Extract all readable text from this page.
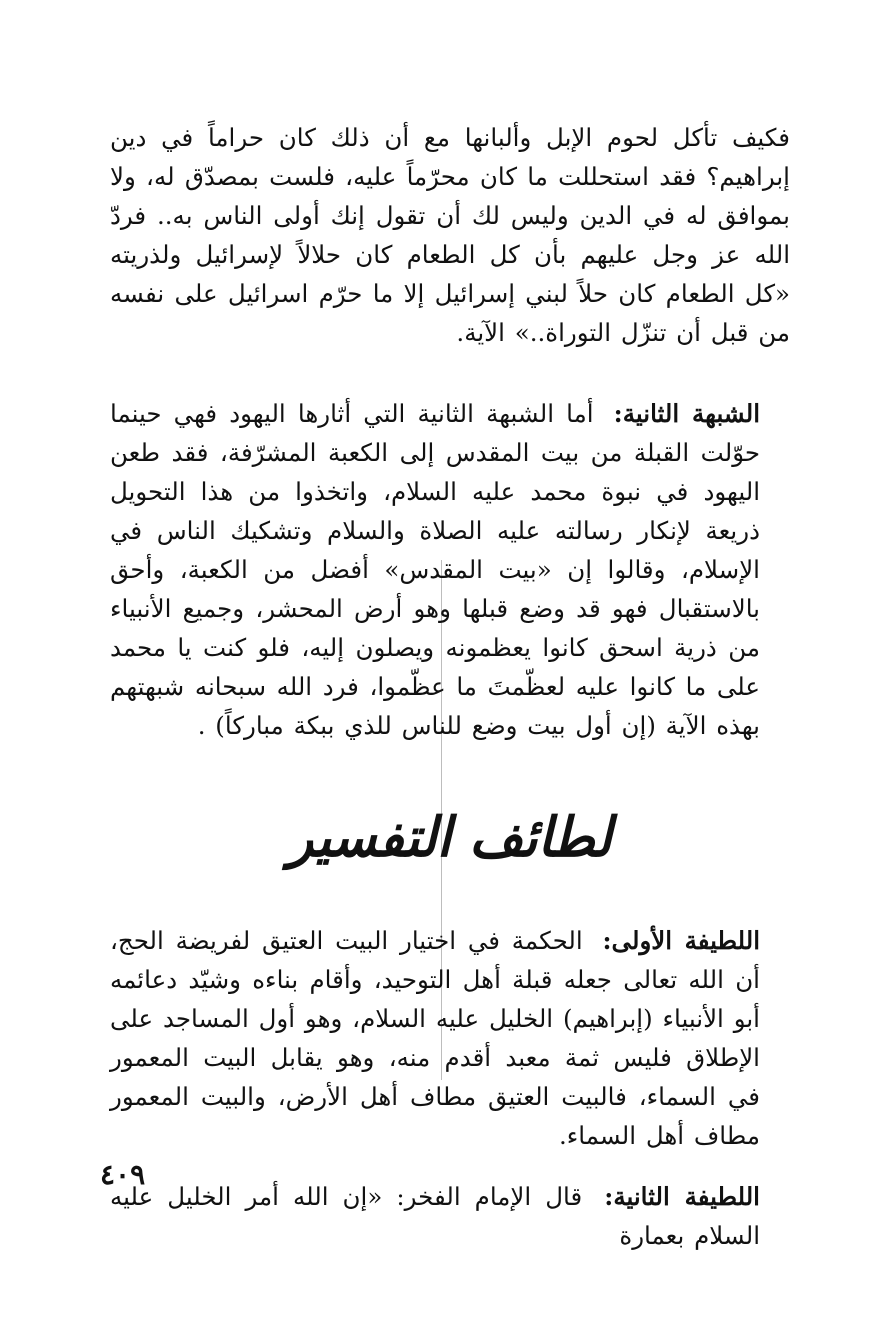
فكيف تأكل لحوم الإبل وألبانها مع أن ذلك كان حراماً في دين إبراهيم؟ فقد استحللت ما كان محرّماً عليه، فلست بمصدّق له، ولا بموافق له في الدين وليس لك أن تقول إنك أولى الناس به.. فردّ الله عز وجل عليهم بأن كل الطعام كان حلالاً لإسرائيل ولذريته «كل الطعام كان حلاً لبني إسرائيل إلا ما حرّم اسرائيل على نفسه من قبل أن تنزّل التوراة..» الآية.

الشبهة الثانية: أما الشبهة الثانية التي أثارها اليهود فهي حينما حوّلت القبلة من بيت المقدس إلى الكعبة المشرّفة، فقد طعن اليهود في نبوة محمد عليه السلام، واتخذوا من هذا التحويل ذريعة لإنكار رسالته عليه الصلاة والسلام وتشكيك الناس في الإسلام، وقالوا إن «بيت المقدس» أفضل من الكعبة، وأحق بالاستقبال فهو قد وضع قبلها وهو أرض المحشر، وجميع الأنبياء من ذرية اسحق كانوا يعظمونه ويصلون إليه، فلو كنت يا محمد على ما كانوا عليه لعظّمتَ ما عظّموا، فرد الله سبحانه شبهتهم بهذه الآية (إن أول بيت وضع للناس للذي ببكة مباركاً) .

لطائف التفسير

اللطيفة الأولى: الحكمة في اختيار البيت العتيق لفريضة الحج، أن الله تعالى جعله قبلة أهل التوحيد، وأقام بناءه وشيّد دعائمه أبو الأنبياء (إبراهيم) الخليل عليه السلام، وهو أول المساجد على الإطلاق فليس ثمة معبد أقدم منه، وهو يقابل البيت المعمور في السماء، فالبيت العتيق مطاف أهل الأرض، والبيت المعمور مطاف أهل السماء.

اللطيفة الثانية: قال الإمام الفخر: «إن الله أمر الخليل عليه السلام بعمارة

٤٠٩
